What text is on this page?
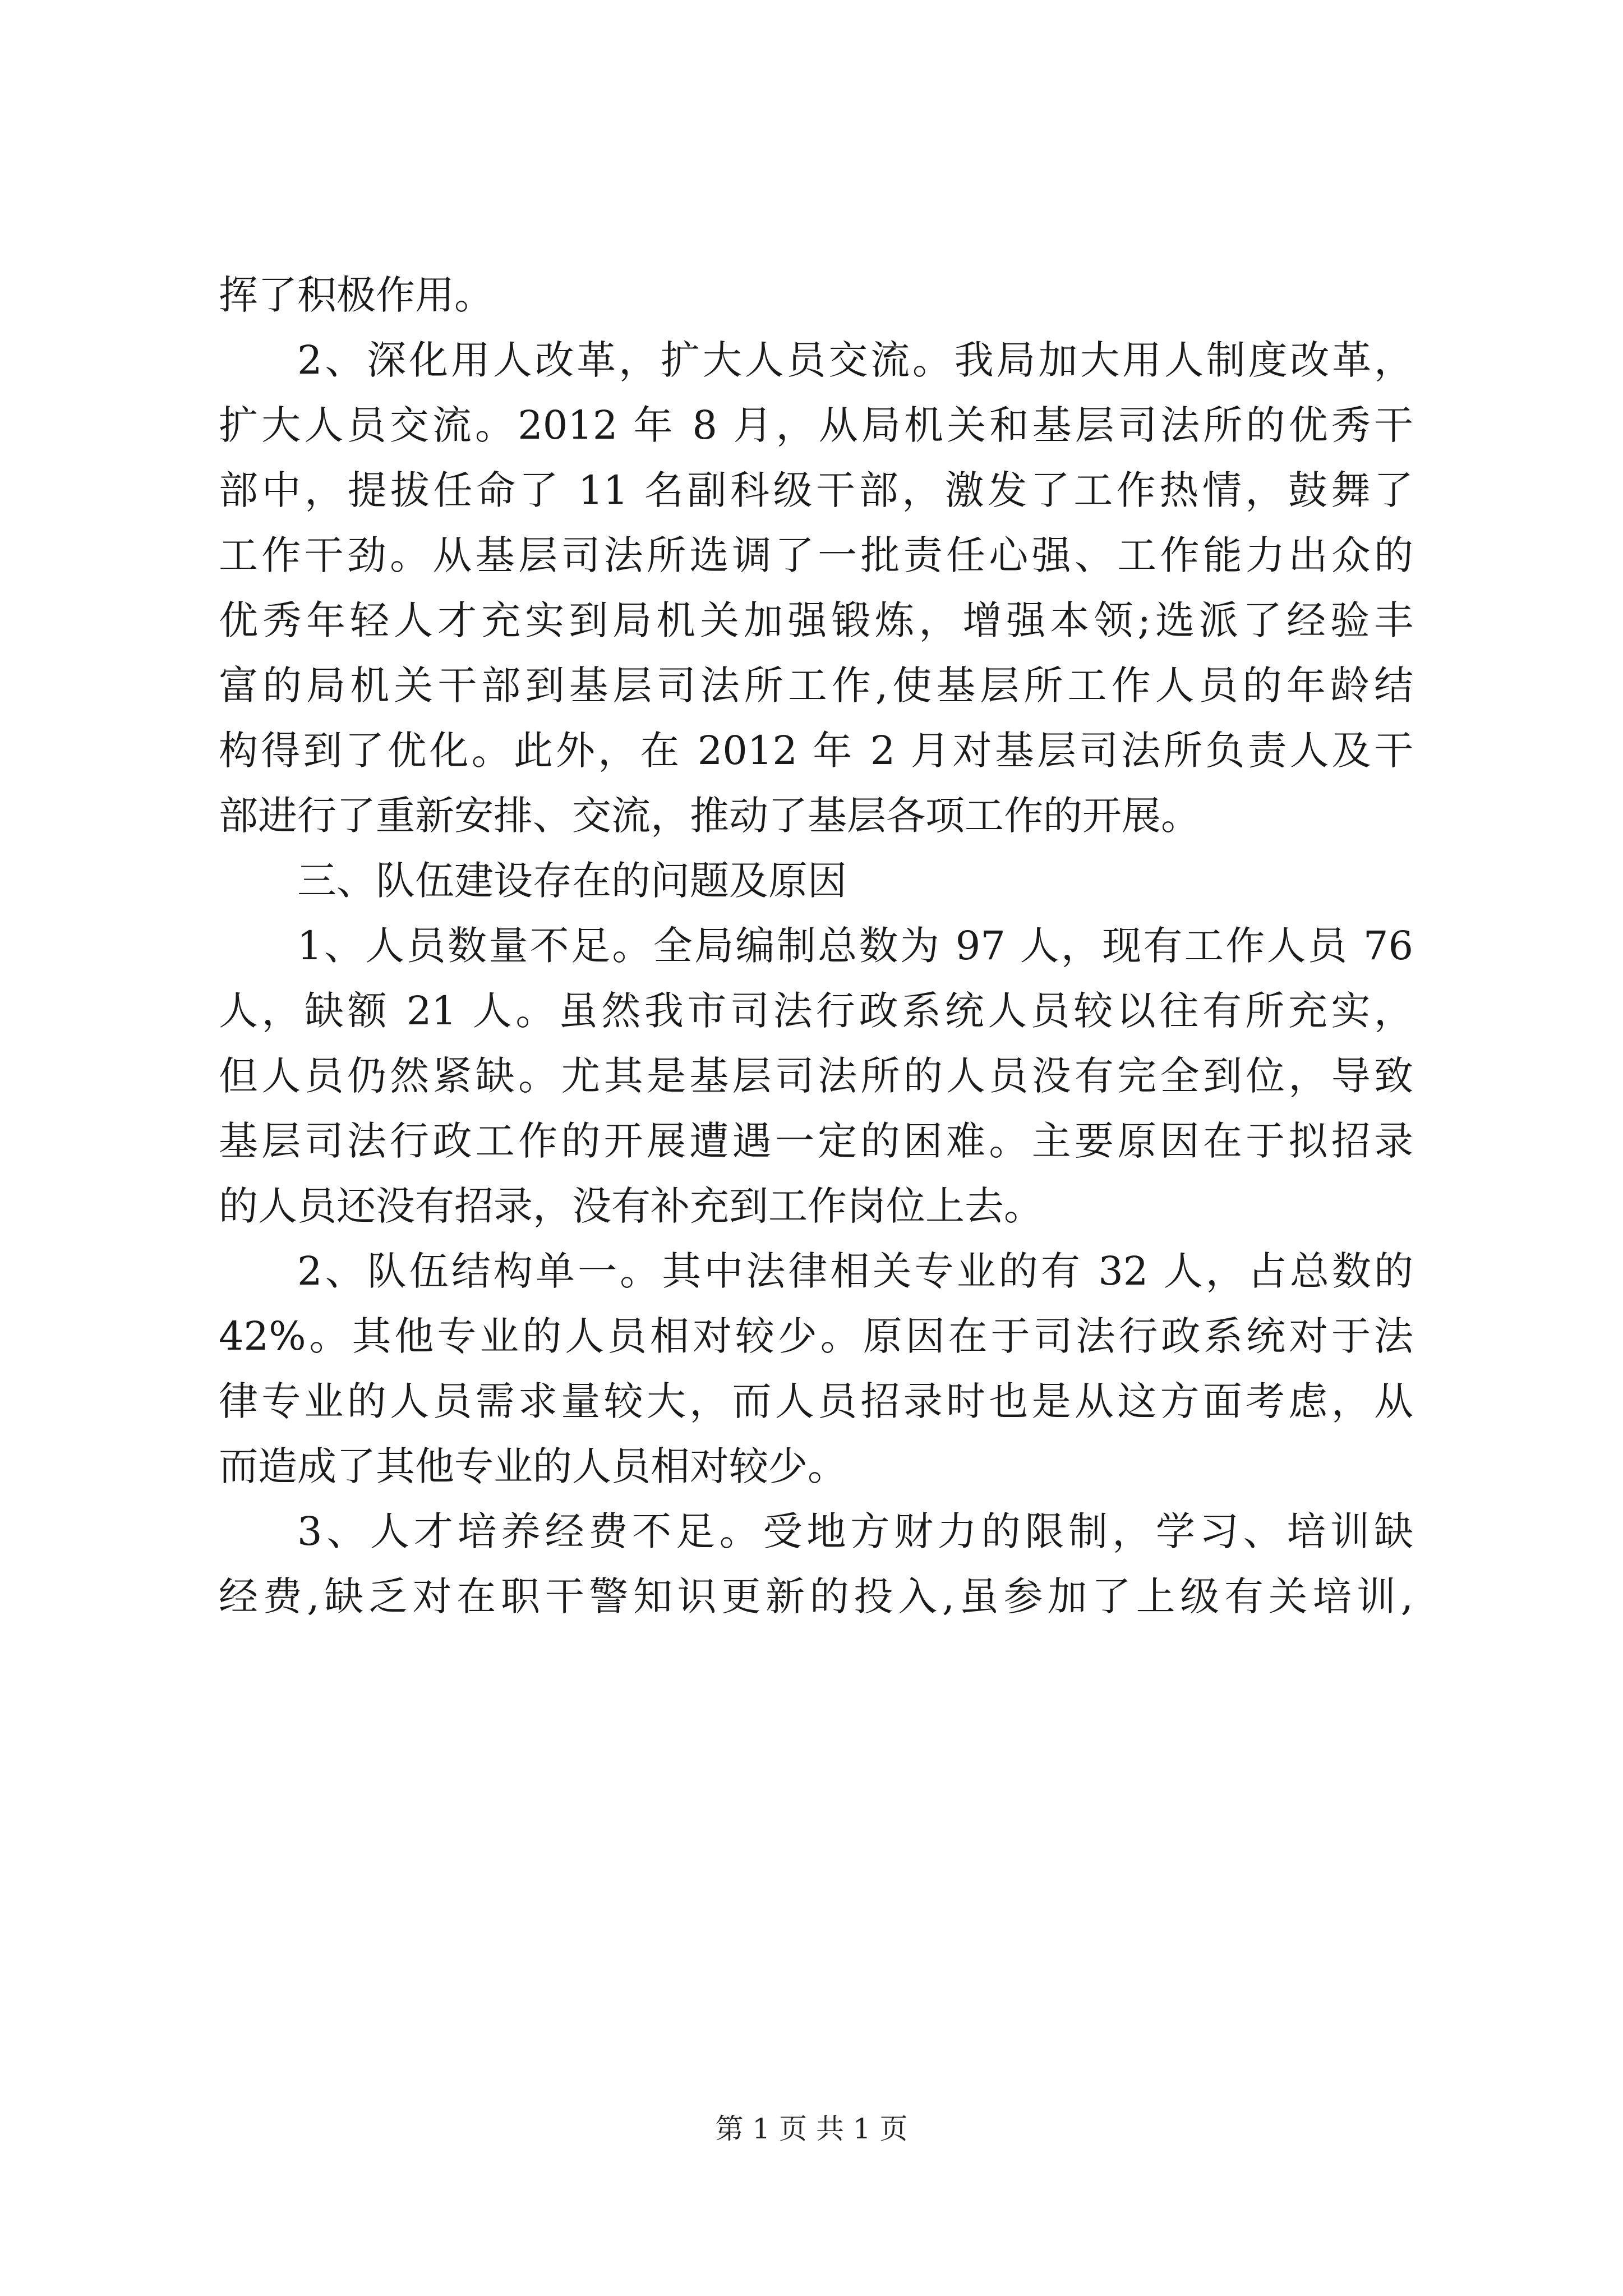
挥了积极作用。
2、深化用人改革，扩大人员交流。我局加大用人制度改革，
扩大人员交流。2012 年 8 月，从局机关和基层司法所的优秀干
部中，提拔任命了 11 名副科级干部，激发了工作热情，鼓舞了
工作干劲。从基层司法所选调了一批责任心强、工作能力出众的
优秀年轻人才充实到局机关加强锻炼，增强本领;选派了经验丰
富的局机关干部到基层司法所工作,使基层所工作人员的年龄结
构得到了优化。此外，在 2012 年 2 月对基层司法所负责人及干
部进行了重新安排、交流，推动了基层各项工作的开展。
三、队伍建设存在的问题及原因
1、人员数量不足。全局编制总数为 97 人，现有工作人员 76
人，缺额 21 人。虽然我市司法行政系统人员较以往有所充实，
但人员仍然紧缺。尤其是基层司法所的人员没有完全到位，导致
基层司法行政工作的开展遭遇一定的困难。主要原因在于拟招录
的人员还没有招录，没有补充到工作岗位上去。
2、队伍结构单一。其中法律相关专业的有 32 人，占总数的
42%。其他专业的人员相对较少。原因在于司法行政系统对于法
律专业的人员需求量较大，而人员招录时也是从这方面考虑，从
而造成了其他专业的人员相对较少。
3、人才培养经费不足。受地方财力的限制，学习、培训缺
经费,缺乏对在职干警知识更新的投入,虽参加了上级有关培训,
第 1 页 共 1 页
